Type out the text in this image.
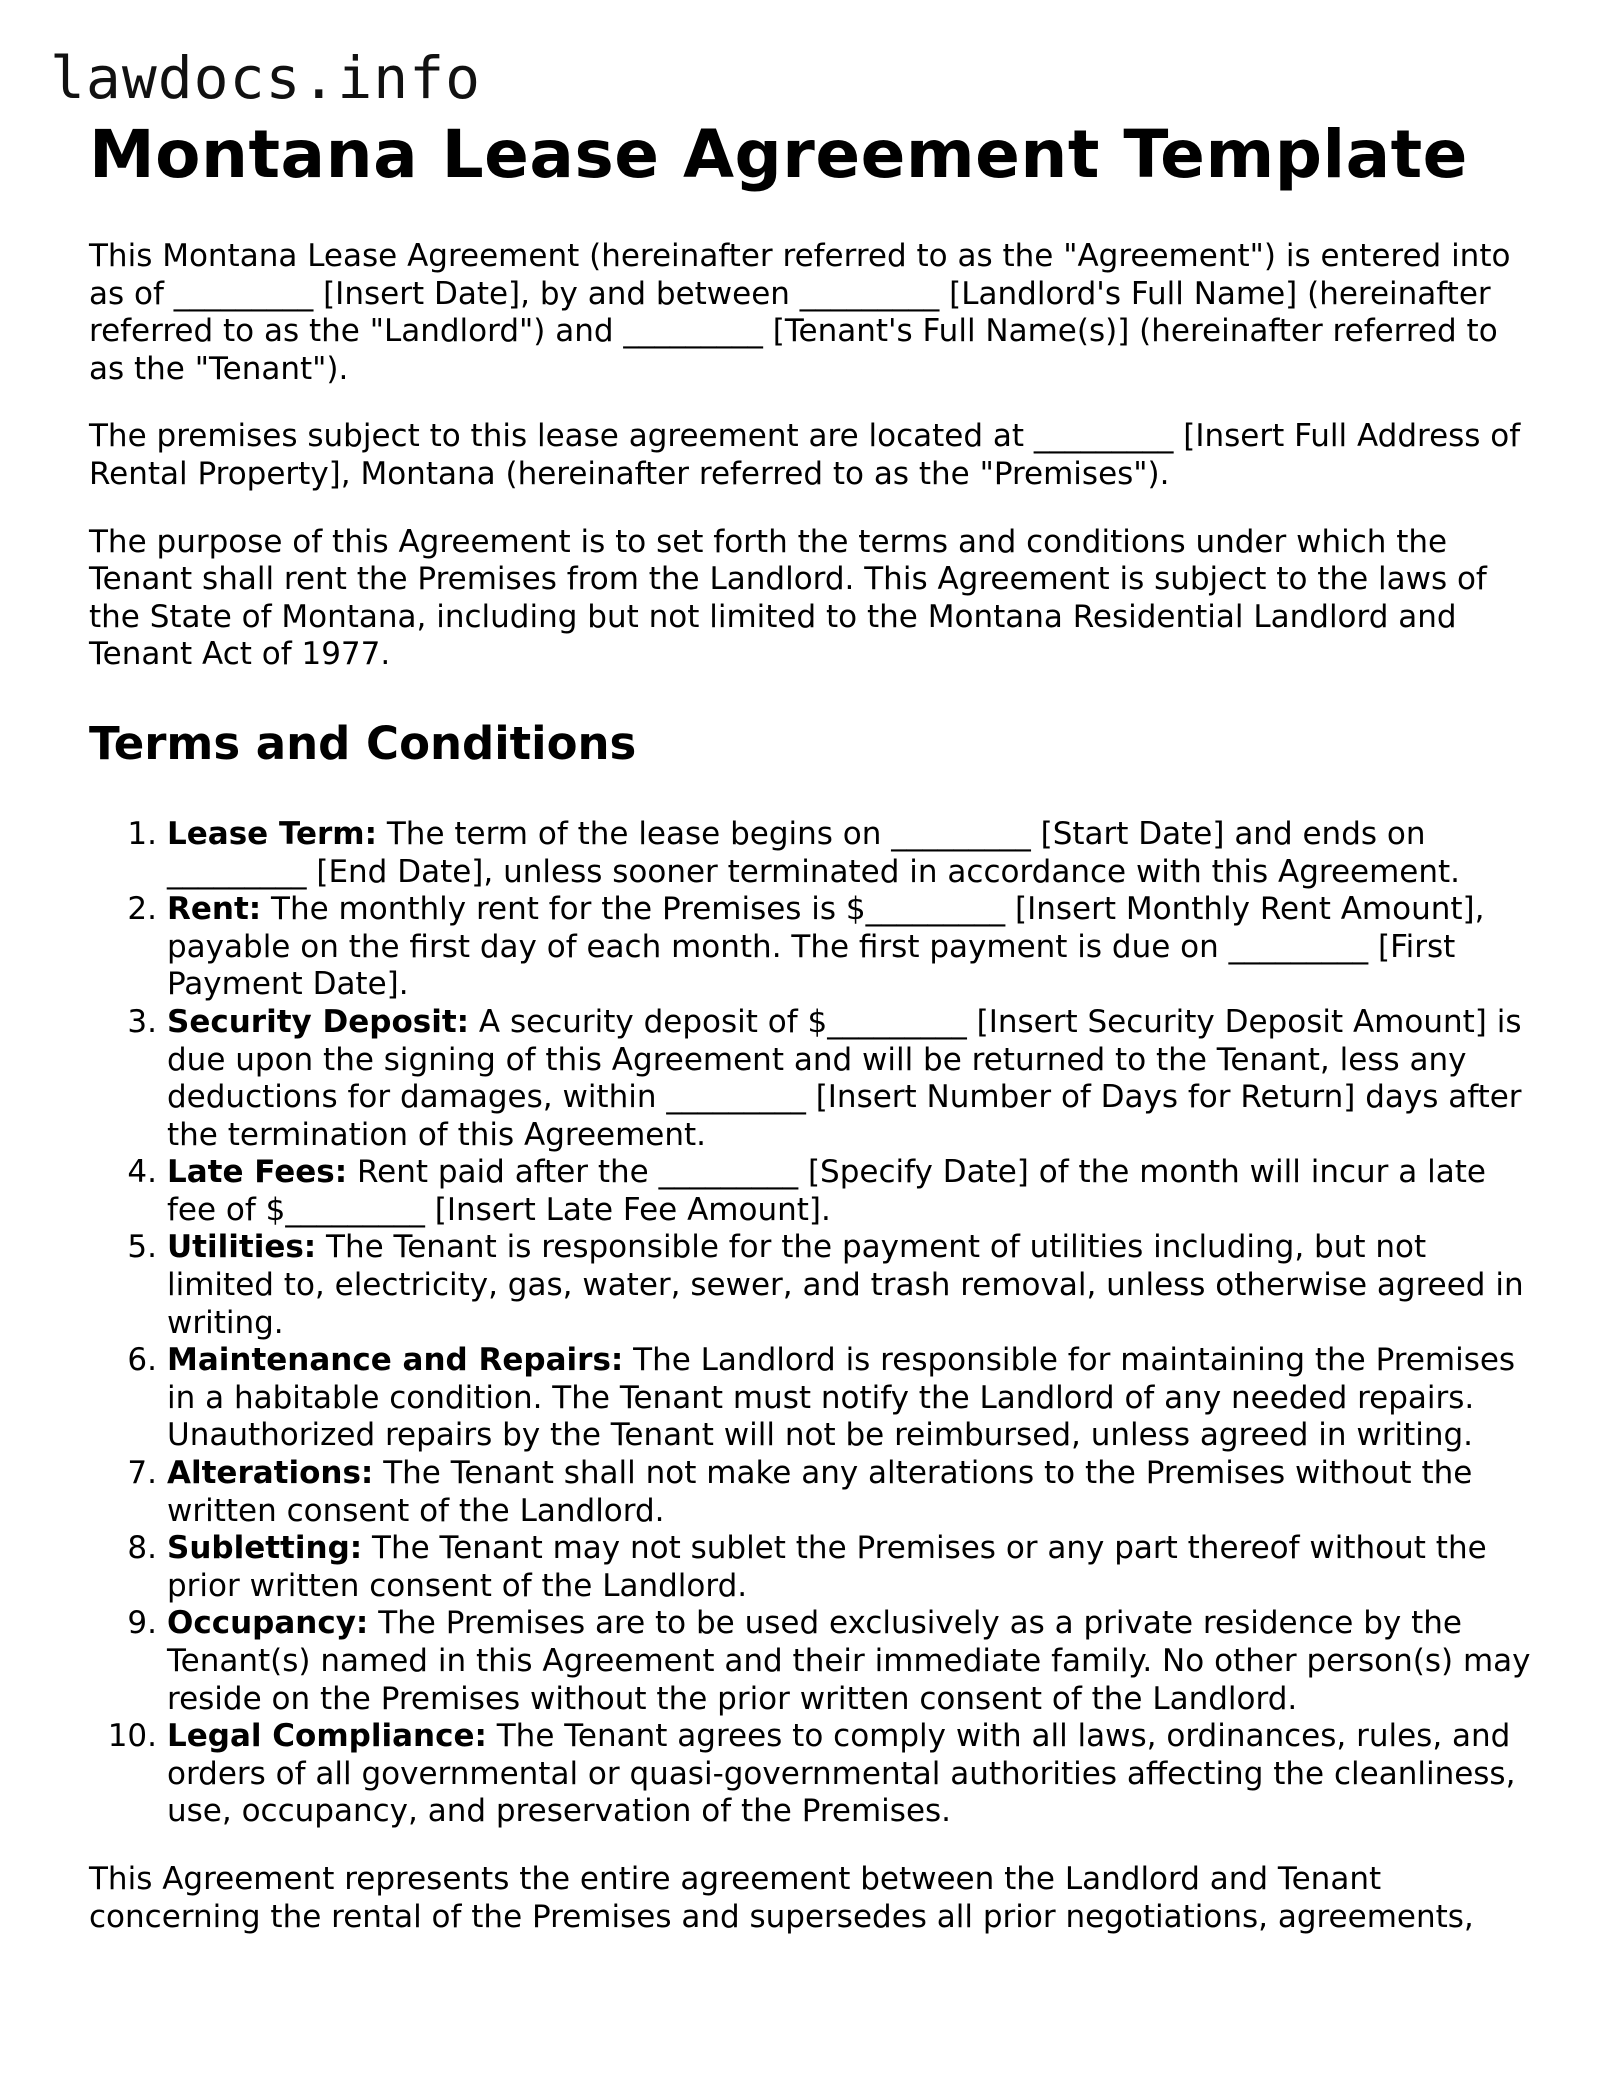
lawdocs.info
Montana Lease Agreement Template

This Montana Lease Agreement (hereinafter referred to as the "Agreement") is entered into as of _________ [Insert Date], by and between _________ [Landlord's Full Name] (hereinafter referred to as the "Landlord") and _________ [Tenant's Full Name(s)] (hereinafter referred to as the "Tenant").

The premises subject to this lease agreement are located at _________ [Insert Full Address of Rental Property], Montana (hereinafter referred to as the "Premises").

The purpose of this Agreement is to set forth the terms and conditions under which the Tenant shall rent the Premises from the Landlord. This Agreement is subject to the laws of the State of Montana, including but not limited to the Montana Residential Landlord and Tenant Act of 1977.

Terms and Conditions
1. Lease Term: The term of the lease begins on _________ [Start Date] and ends on _________ [End Date], unless sooner terminated in accordance with this Agreement.
2. Rent: The monthly rent for the Premises is $_________ [Insert Monthly Rent Amount], payable on the first day of each month. The first payment is due on _________ [First Payment Date].
3. Security Deposit: A security deposit of $_________ [Insert Security Deposit Amount] is due upon the signing of this Agreement and will be returned to the Tenant, less any deductions for damages, within _________ [Insert Number of Days for Return] days after the termination of this Agreement.
4. Late Fees: Rent paid after the _________ [Specify Date] of the month will incur a late fee of $_________ [Insert Late Fee Amount].
5. Utilities: The Tenant is responsible for the payment of utilities including, but not limited to, electricity, gas, water, sewer, and trash removal, unless otherwise agreed in writing.
6. Maintenance and Repairs: The Landlord is responsible for maintaining the Premises in a habitable condition. The Tenant must notify the Landlord of any needed repairs. Unauthorized repairs by the Tenant will not be reimbursed, unless agreed in writing.
7. Alterations: The Tenant shall not make any alterations to the Premises without the written consent of the Landlord.
8. Subletting: The Tenant may not sublet the Premises or any part thereof without the prior written consent of the Landlord.
9. Occupancy: The Premises are to be used exclusively as a private residence by the Tenant(s) named in this Agreement and their immediate family. No other person(s) may reside on the Premises without the prior written consent of the Landlord.
10. Legal Compliance: The Tenant agrees to comply with all laws, ordinances, rules, and orders of all governmental or quasi-governmental authorities affecting the cleanliness, use, occupancy, and preservation of the Premises.

This Agreement represents the entire agreement between the Landlord and Tenant concerning the rental of the Premises and supersedes all prior negotiations, agreements,
